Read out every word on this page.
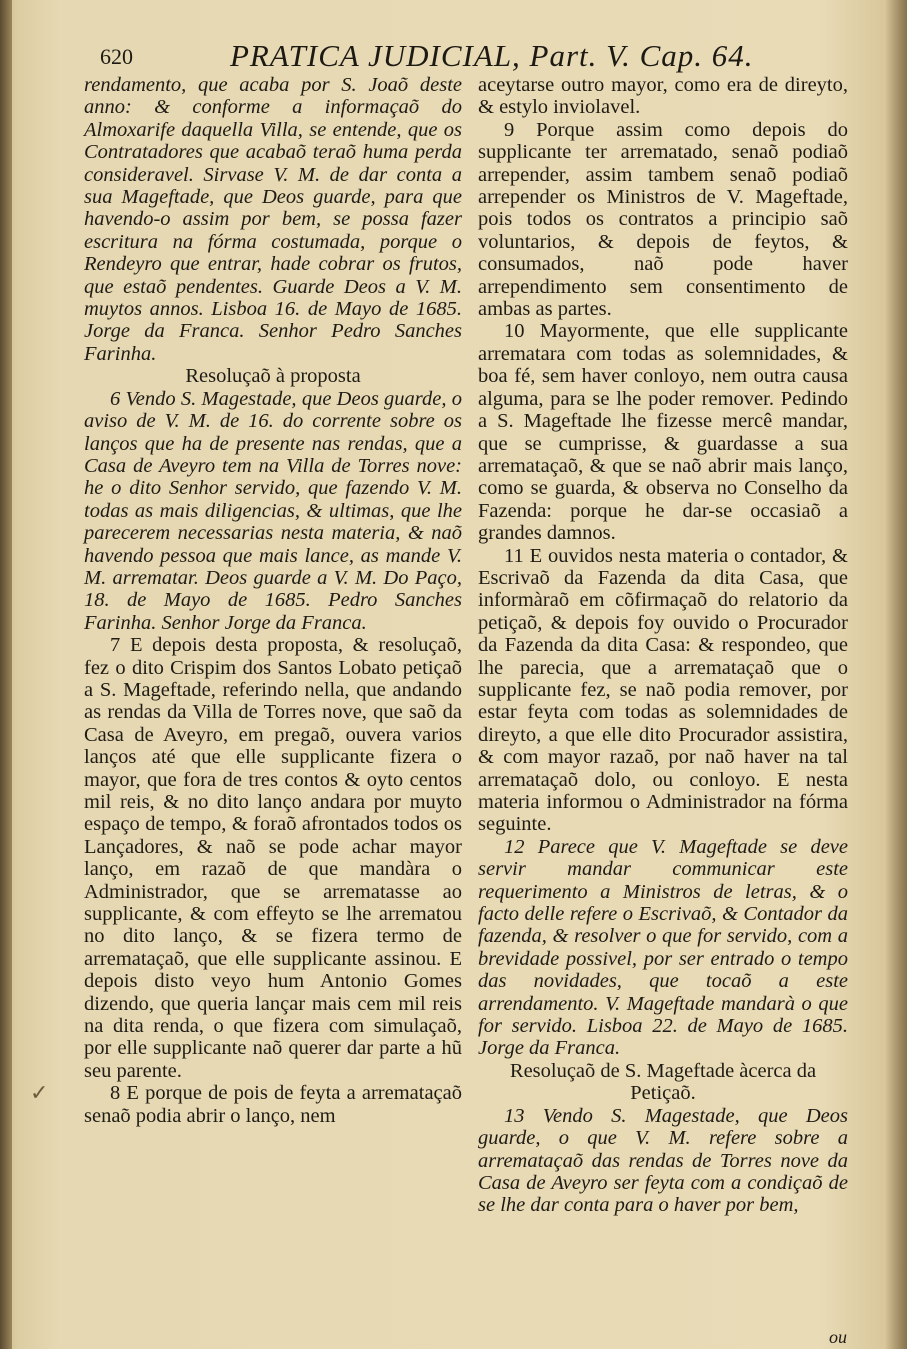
620	PRATICA JUDICIAL, Part. V. Cap. 64.

rendamento, que acaba por S. Joaõ deste anno: & conforme a informaçaõ do Almoxarife daquella Villa, se entende, que os Contratadores que acabaõ teraõ huma perda consideravel. Sirvase V. M. de dar conta a sua Mageftade, que Deos guarde, para que havendo-o assim por bem, se possa fazer escritura na fórma costumada, porque o Rendeyro que entrar, hade cobrar os frutos, que estaõ pendentes. Guarde Deos a V. M. muytos annos. Lisboa 16. de Mayo de 1685. Jorge da Franca. Senhor Pedro Sanches Farinha.

Resoluçaõ à proposta

6 Vendo S. Magestade, que Deos guarde, o aviso de V. M. de 16. do corrente sobre os lanços que ha de presente nas rendas, que a Casa de Aveyro tem na Villa de Torres nove: he o dito Senhor servido, que fazendo V. M. todas as mais diligencias, & ultimas, que lhe parecerem necessarias nesta materia, & naõ havendo pessoa que mais lance, as mande V. M. arrematar. Deos guarde a V. M. Do Paço, 18. de Mayo de 1685. Pedro Sanches Farinha. Senhor Jorge da Franca.

7 E depois desta proposta, & resoluçaõ, fez o dito Crispim dos Santos Lobato petiçaõ a S. Mageftade, referindo nella, que andando as rendas da Villa de Torres nove, que saõ da Casa de Aveyro, em pregaõ, ouvera varios lanços até que elle supplicante fizera o mayor, que fora de tres contos & oyto centos mil reis, & no dito lanço andara por muyto espaço de tempo, & foraõ afrontados todos os Lançadores, & naõ se pode achar mayor lanço, em razaõ de que mandàra o Administrador, que se arrematasse ao supplicante, & com effeyto se lhe arrematou no dito lanço, & se fizera termo de arremataçaõ, que elle supplicante assinou. E depois disto veyo hum Antonio Gomes dizendo, que queria lançar mais cem mil reis na dita renda, o que fizera com simulaçaõ, por elle supplicante naõ querer dar parte a hũ seu parente.

8 E porque de pois de feyta a arremataçaõ senaõ podia abrir o lanço, nem

aceytarse outro mayor, como era de direyto, & estylo inviolavel.

9 Porque assim como depois do supplicante ter arrematado, senaõ podiaõ arrepender, assim tambem senaõ podiaõ arrepender os Ministros de V. Mageftade, pois todos os contratos a principio saõ voluntarios, & depois de feytos, & consumados, naõ pode haver arrependimento sem consentimento de ambas as partes.

10 Mayormente, que elle supplicante arrematara com todas as solemnidades, & boa fé, sem haver conloyo, nem outra causa alguma, para se lhe poder remover. Pedindo a S. Mageftade lhe fizesse mercê mandar, que se cumprisse, & guardasse a sua arremataçaõ, & que se naõ abrir mais lanço, como se guarda, & observa no Conselho da Fazenda: porque he dar-se occasiaõ a grandes damnos.

11 E ouvidos nesta materia o contador, & Escrivaõ da Fazenda da dita Casa, que informàraõ em cõfirmaçaõ do relatorio da petiçaõ, & depois foy ouvido o Procurador da Fazenda da dita Casa: & respondeo, que lhe parecia, que a arremataçaõ que o supplicante fez, se naõ podia remover, por estar feyta com todas as solemnidades de direyto, a que elle dito Procurador assistira, & com mayor razaõ, por naõ haver na tal arremataçaõ dolo, ou conloyo. E nesta materia informou o Administrador na fórma seguinte.

12 Parece que V. Mageftade se deve servir mandar communicar este requerimento a Ministros de letras, & o facto delle refere o Escrivaõ, & Contador da fazenda, & resolver o que for servido, com a brevidade possivel, por ser entrado o tempo das novidades, que tocaõ a este arrendamento. V. Mageftade mandarà o que for servido. Lisboa 22. de Mayo de 1685. Jorge da Franca.

Resoluçaõ de S. Mageftade àcerca da Petiçaõ.

13 Vendo S. Magestade, que Deos guarde, o que V. M. refere sobre a arremataçaõ das rendas de Torres nove da Casa de Aveyro ser feyta com a condiçaõ de se lhe dar conta para o haver por bem,

✓
ou
